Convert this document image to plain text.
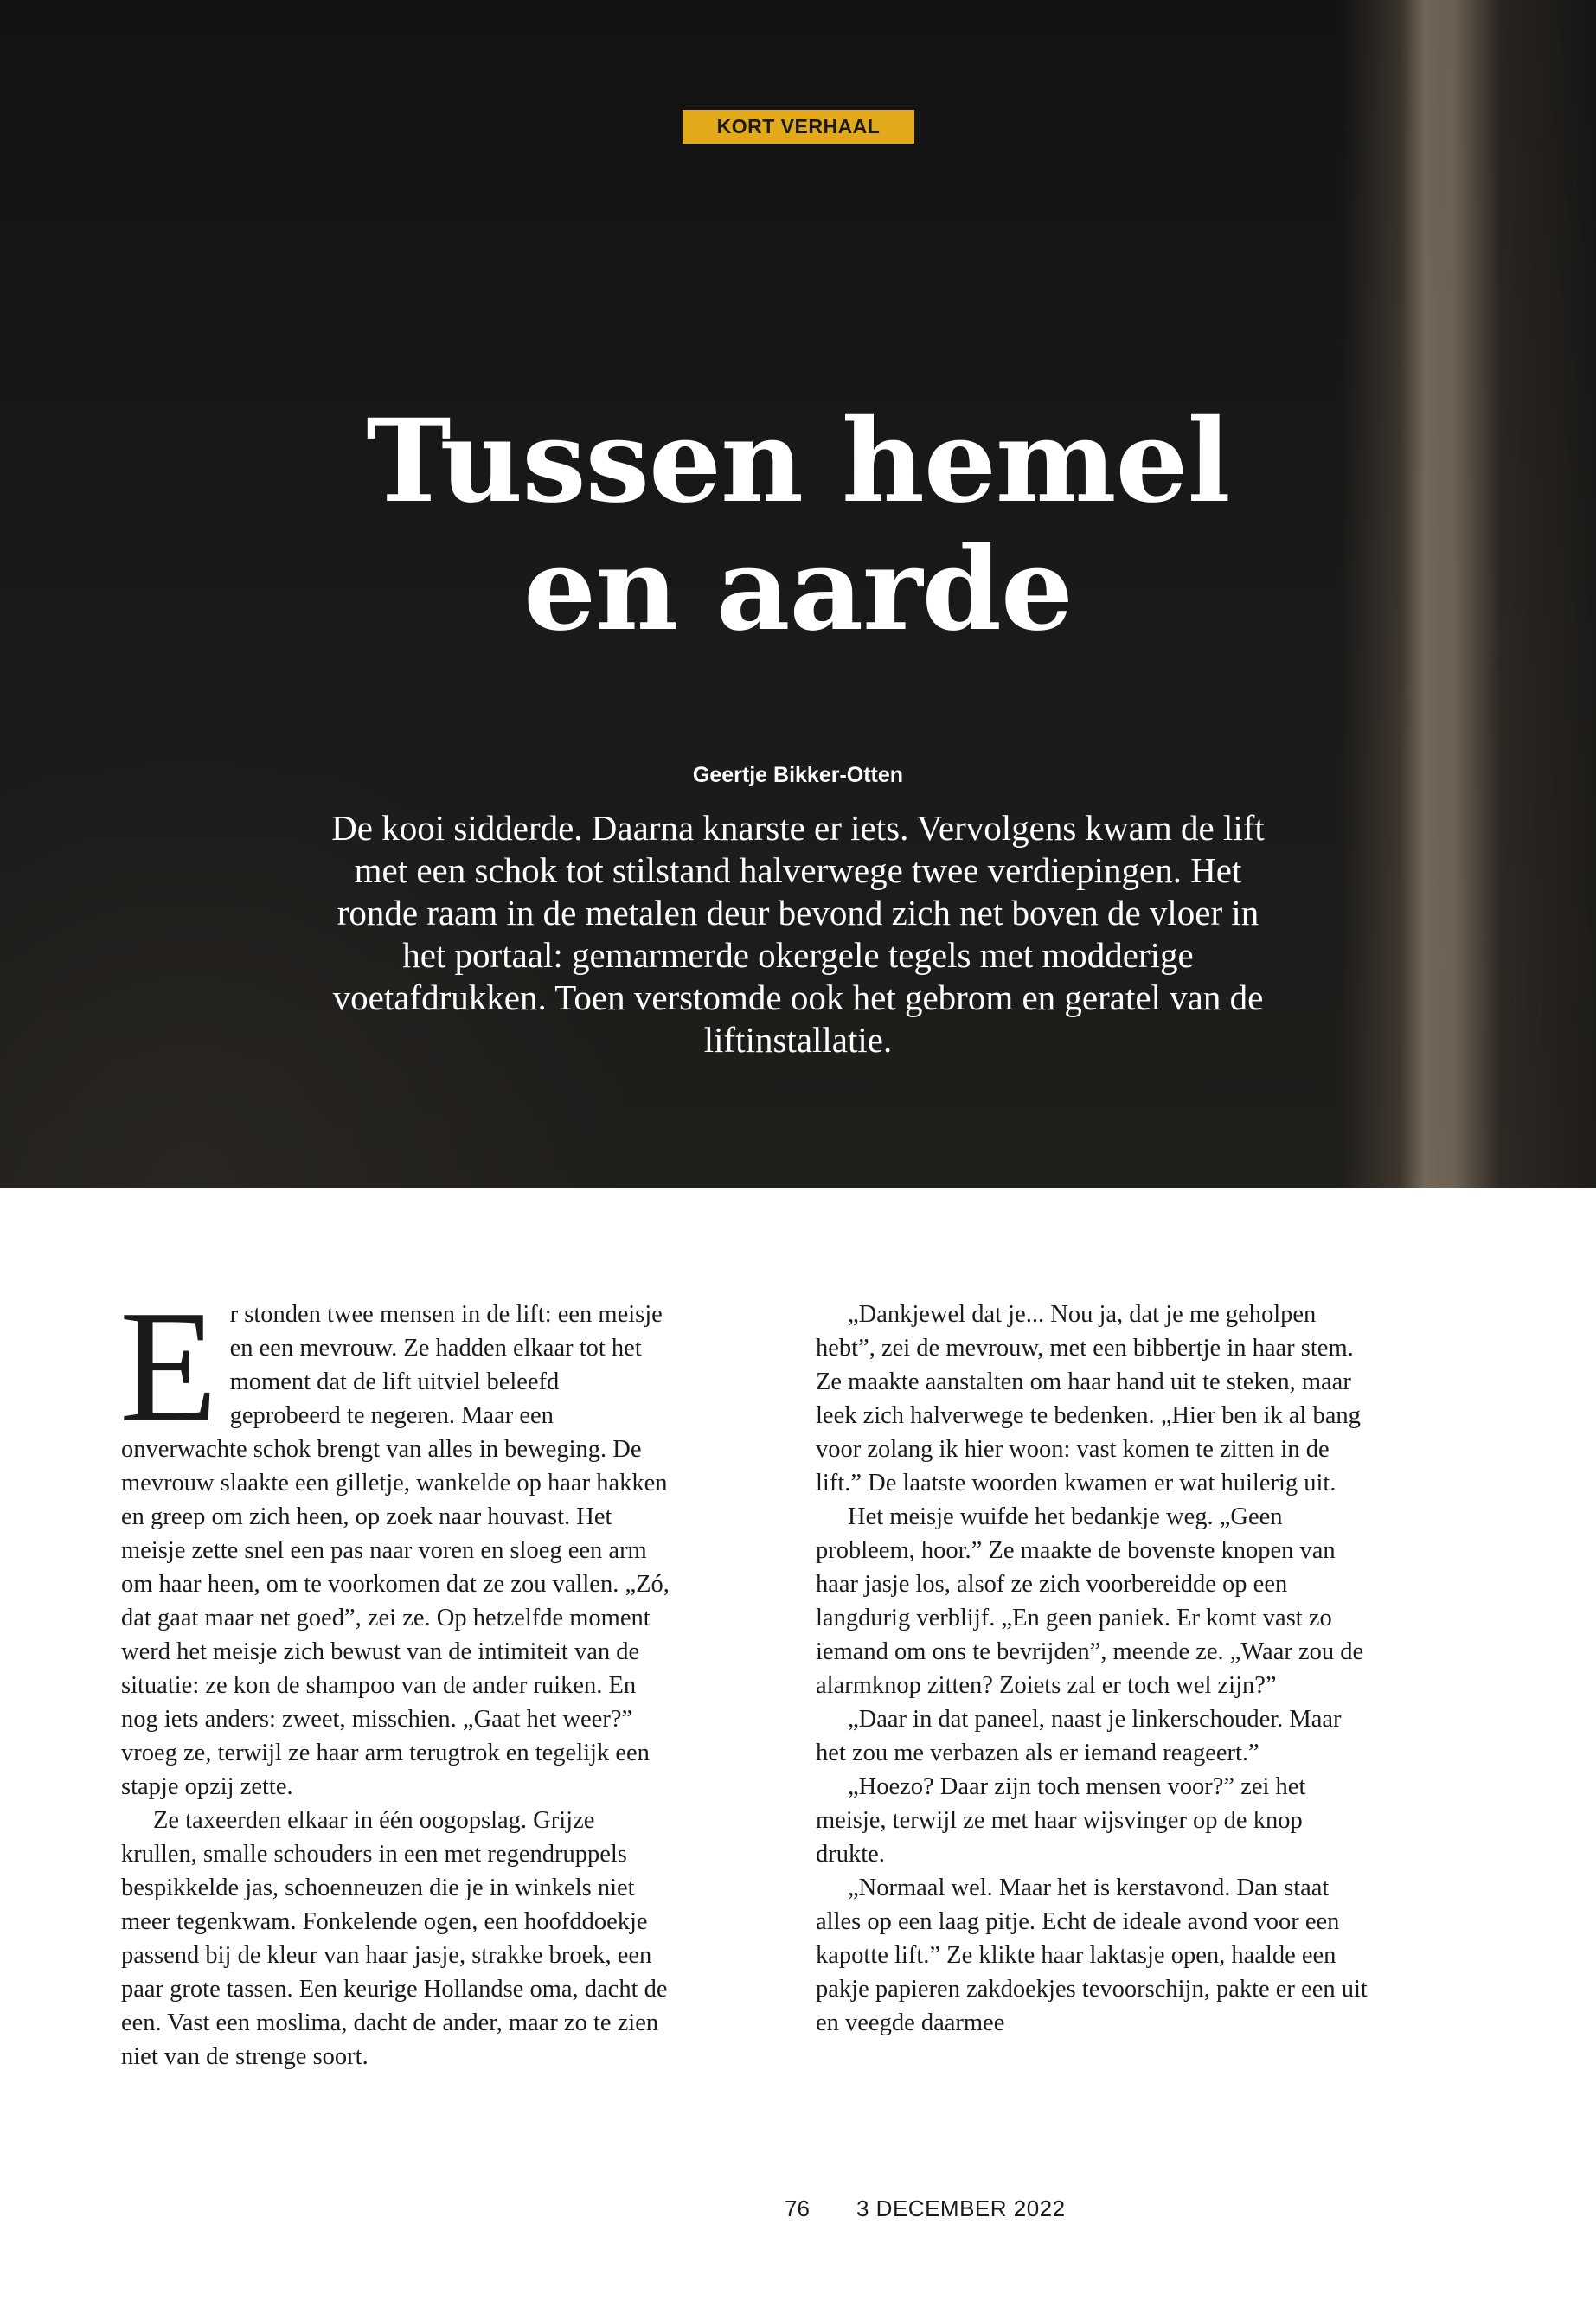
KORT VERHAAL
Tussen hemel
en aarde
Geertje Bikker-Otten

De kooi sidderde. Daarna knarste er iets. Vervolgens kwam de lift met een schok tot stilstand halverwege twee verdiepingen. Het ronde raam in de metalen deur bevond zich net boven de vloer in het portaal: gemarmerde okergele tegels met modderige voetafdrukken. Toen verstomde ook het gebrom en geratel van de liftinstallatie.

E r stonden twee mensen in de lift: een meisje en een mevrouw. Ze hadden elkaar tot het moment dat de lift uitviel beleefd geprobeerd te negeren. Maar een onverwachte schok brengt van alles in beweging. De mevrouw slaakte een gilletje, wankelde op haar hakken en greep om zich heen, op zoek naar houvast. Het meisje zette snel een pas naar voren en sloeg een arm om haar heen, om te voorkomen dat ze zou vallen. „Zó, dat gaat maar net goed”, zei ze. Op hetzelfde moment werd het meisje zich bewust van de intimiteit van de situatie: ze kon de shampoo van de ander ruiken. En nog iets anders: zweet, misschien. „Gaat het weer?” vroeg ze, terwijl ze haar arm terugtrok en tegelijk een stapje opzij zette.

Ze taxeerden elkaar in één oogopslag. Grijze krullen, smalle schouders in een met regendruppels bespikkelde jas, schoenneuzen die je in winkels niet meer tegenkwam. Fonkelende ogen, een hoofddoekje passend bij de kleur van haar jasje, strakke broek, een paar grote tassen. Een keurige Hollandse oma, dacht de een. Vast een moslima, dacht de ander, maar zo te zien niet van de strenge soort.

„Dankjewel dat je... Nou ja, dat je me geholpen hebt”, zei de mevrouw, met een bibbertje in haar stem. Ze maakte aanstalten om haar hand uit te steken, maar leek zich halverwege te bedenken. „Hier ben ik al bang voor zolang ik hier woon: vast komen te zitten in de lift.” De laatste woorden kwamen er wat huilerig uit.

Het meisje wuifde het bedankje weg. „Geen probleem, hoor.” Ze maakte de bovenste knopen van haar jasje los, alsof ze zich voorbereidde op een langdurig verblijf. „En geen paniek. Er komt vast zo iemand om ons te bevrijden”, meende ze. „Waar zou de alarmknop zitten? Zoiets zal er toch wel zijn?”

„Daar in dat paneel, naast je linkerschouder. Maar het zou me verbazen als er iemand reageert.”

„Hoezo? Daar zijn toch mensen voor?” zei het meisje, terwijl ze met haar wijsvinger op de knop drukte.

„Normaal wel. Maar het is kerstavond. Dan staat alles op een laag pitje. Echt de ideale avond voor een kapotte lift.” Ze klikte haar laktasje open, haalde een pakje papieren zakdoekjes tevoorschijn, pakte er een uit en veegde daarmee

76 3 DECEMBER 2022
